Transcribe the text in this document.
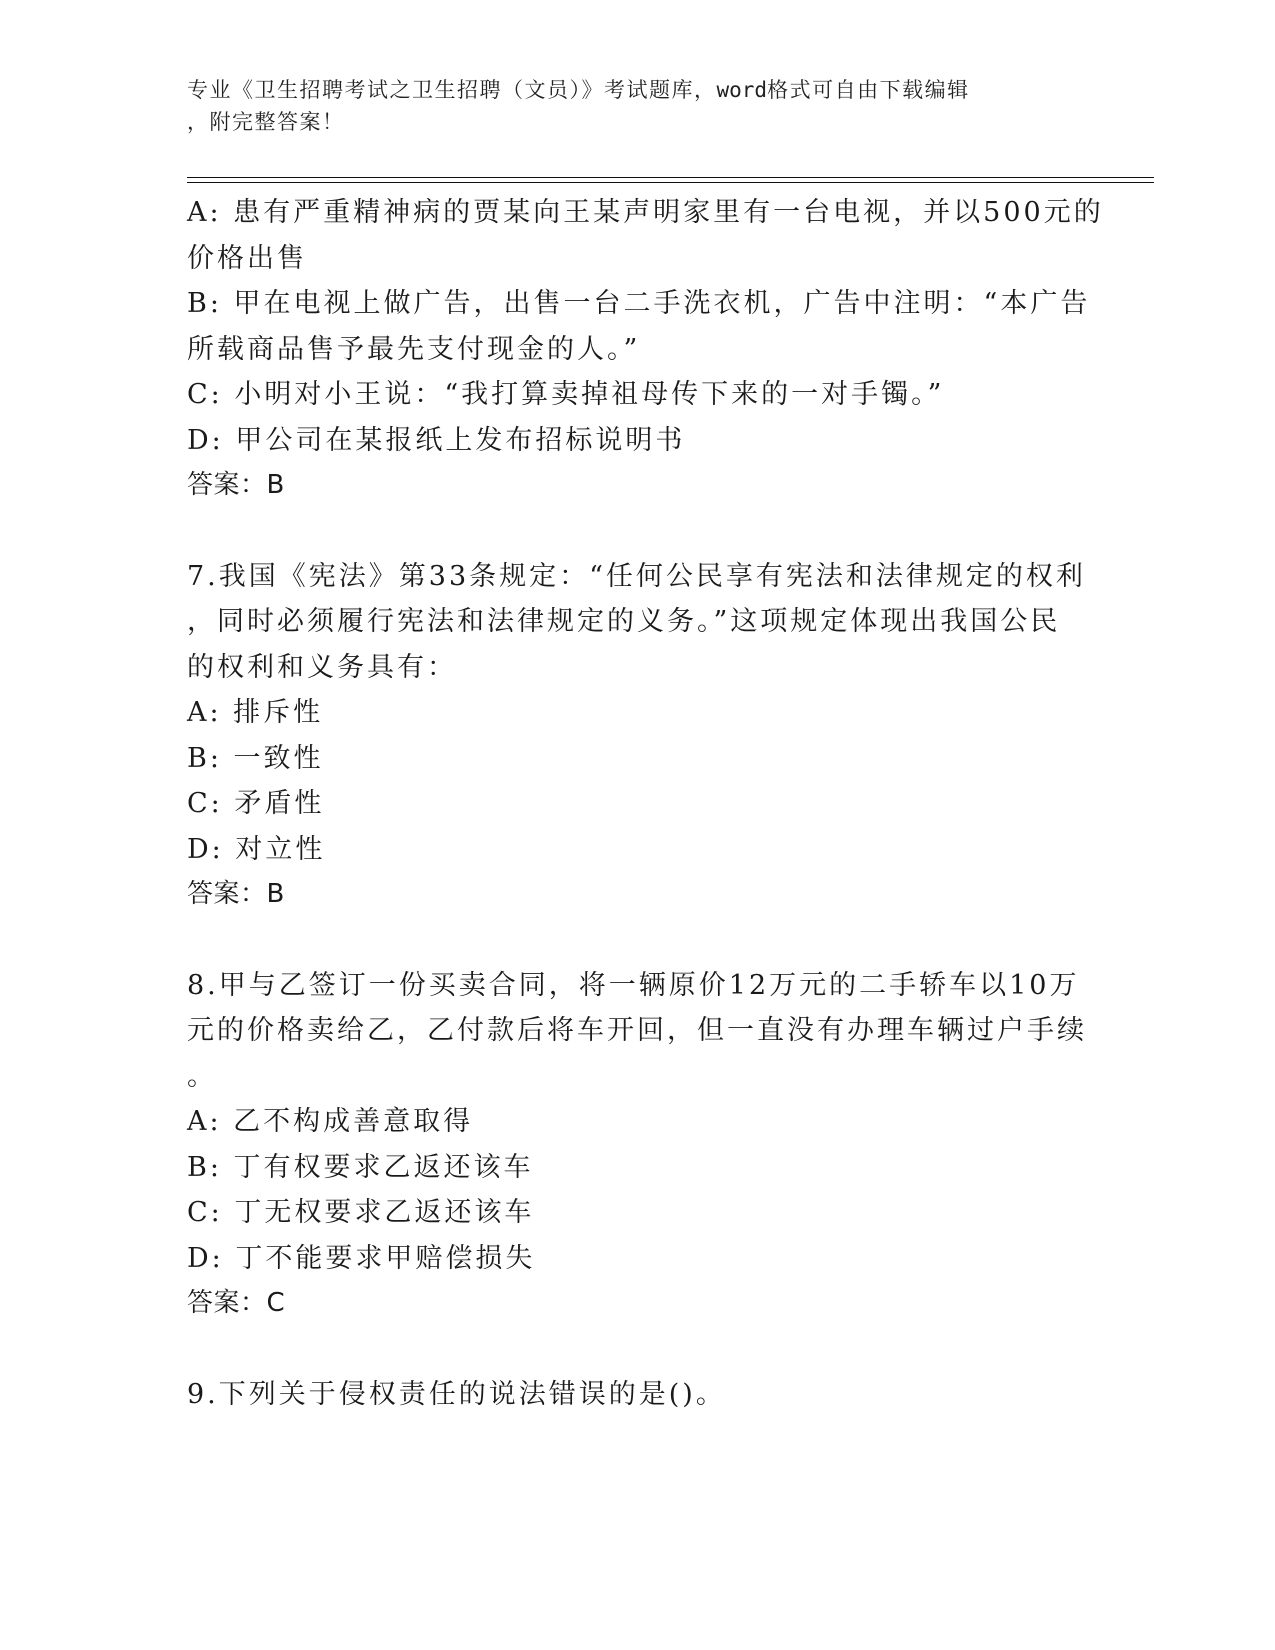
专业《卫生招聘考试之卫生招聘（文员）》考试题库，word格式可自由下载编辑
，附完整答案！
A: 患有严重精神病的贾某向王某声明家里有一台电视，并以500元的
价格出售
B: 甲在电视上做广告，出售一台二手洗衣机，广告中注明：“本广告
所载商品售予最先支付现金的人。”
C: 小明对小王说：“我打算卖掉祖母传下来的一对手镯。”
D: 甲公司在某报纸上发布招标说明书
答案：B
7.我国《宪法》第33条规定：“任何公民享有宪法和法律规定的权利
，同时必须履行宪法和法律规定的义务。”这项规定体现出我国公民
的权利和义务具有：
A: 排斥性
B: 一致性
C: 矛盾性
D: 对立性
答案：B
8.甲与乙签订一份买卖合同，将一辆原价12万元的二手轿车以10万
元的价格卖给乙，乙付款后将车开回，但一直没有办理车辆过户手续
。
A: 乙不构成善意取得
B: 丁有权要求乙返还该车
C: 丁无权要求乙返还该车
D: 丁不能要求甲赔偿损失
答案：C
9.下列关于侵权责任的说法错误的是()。
